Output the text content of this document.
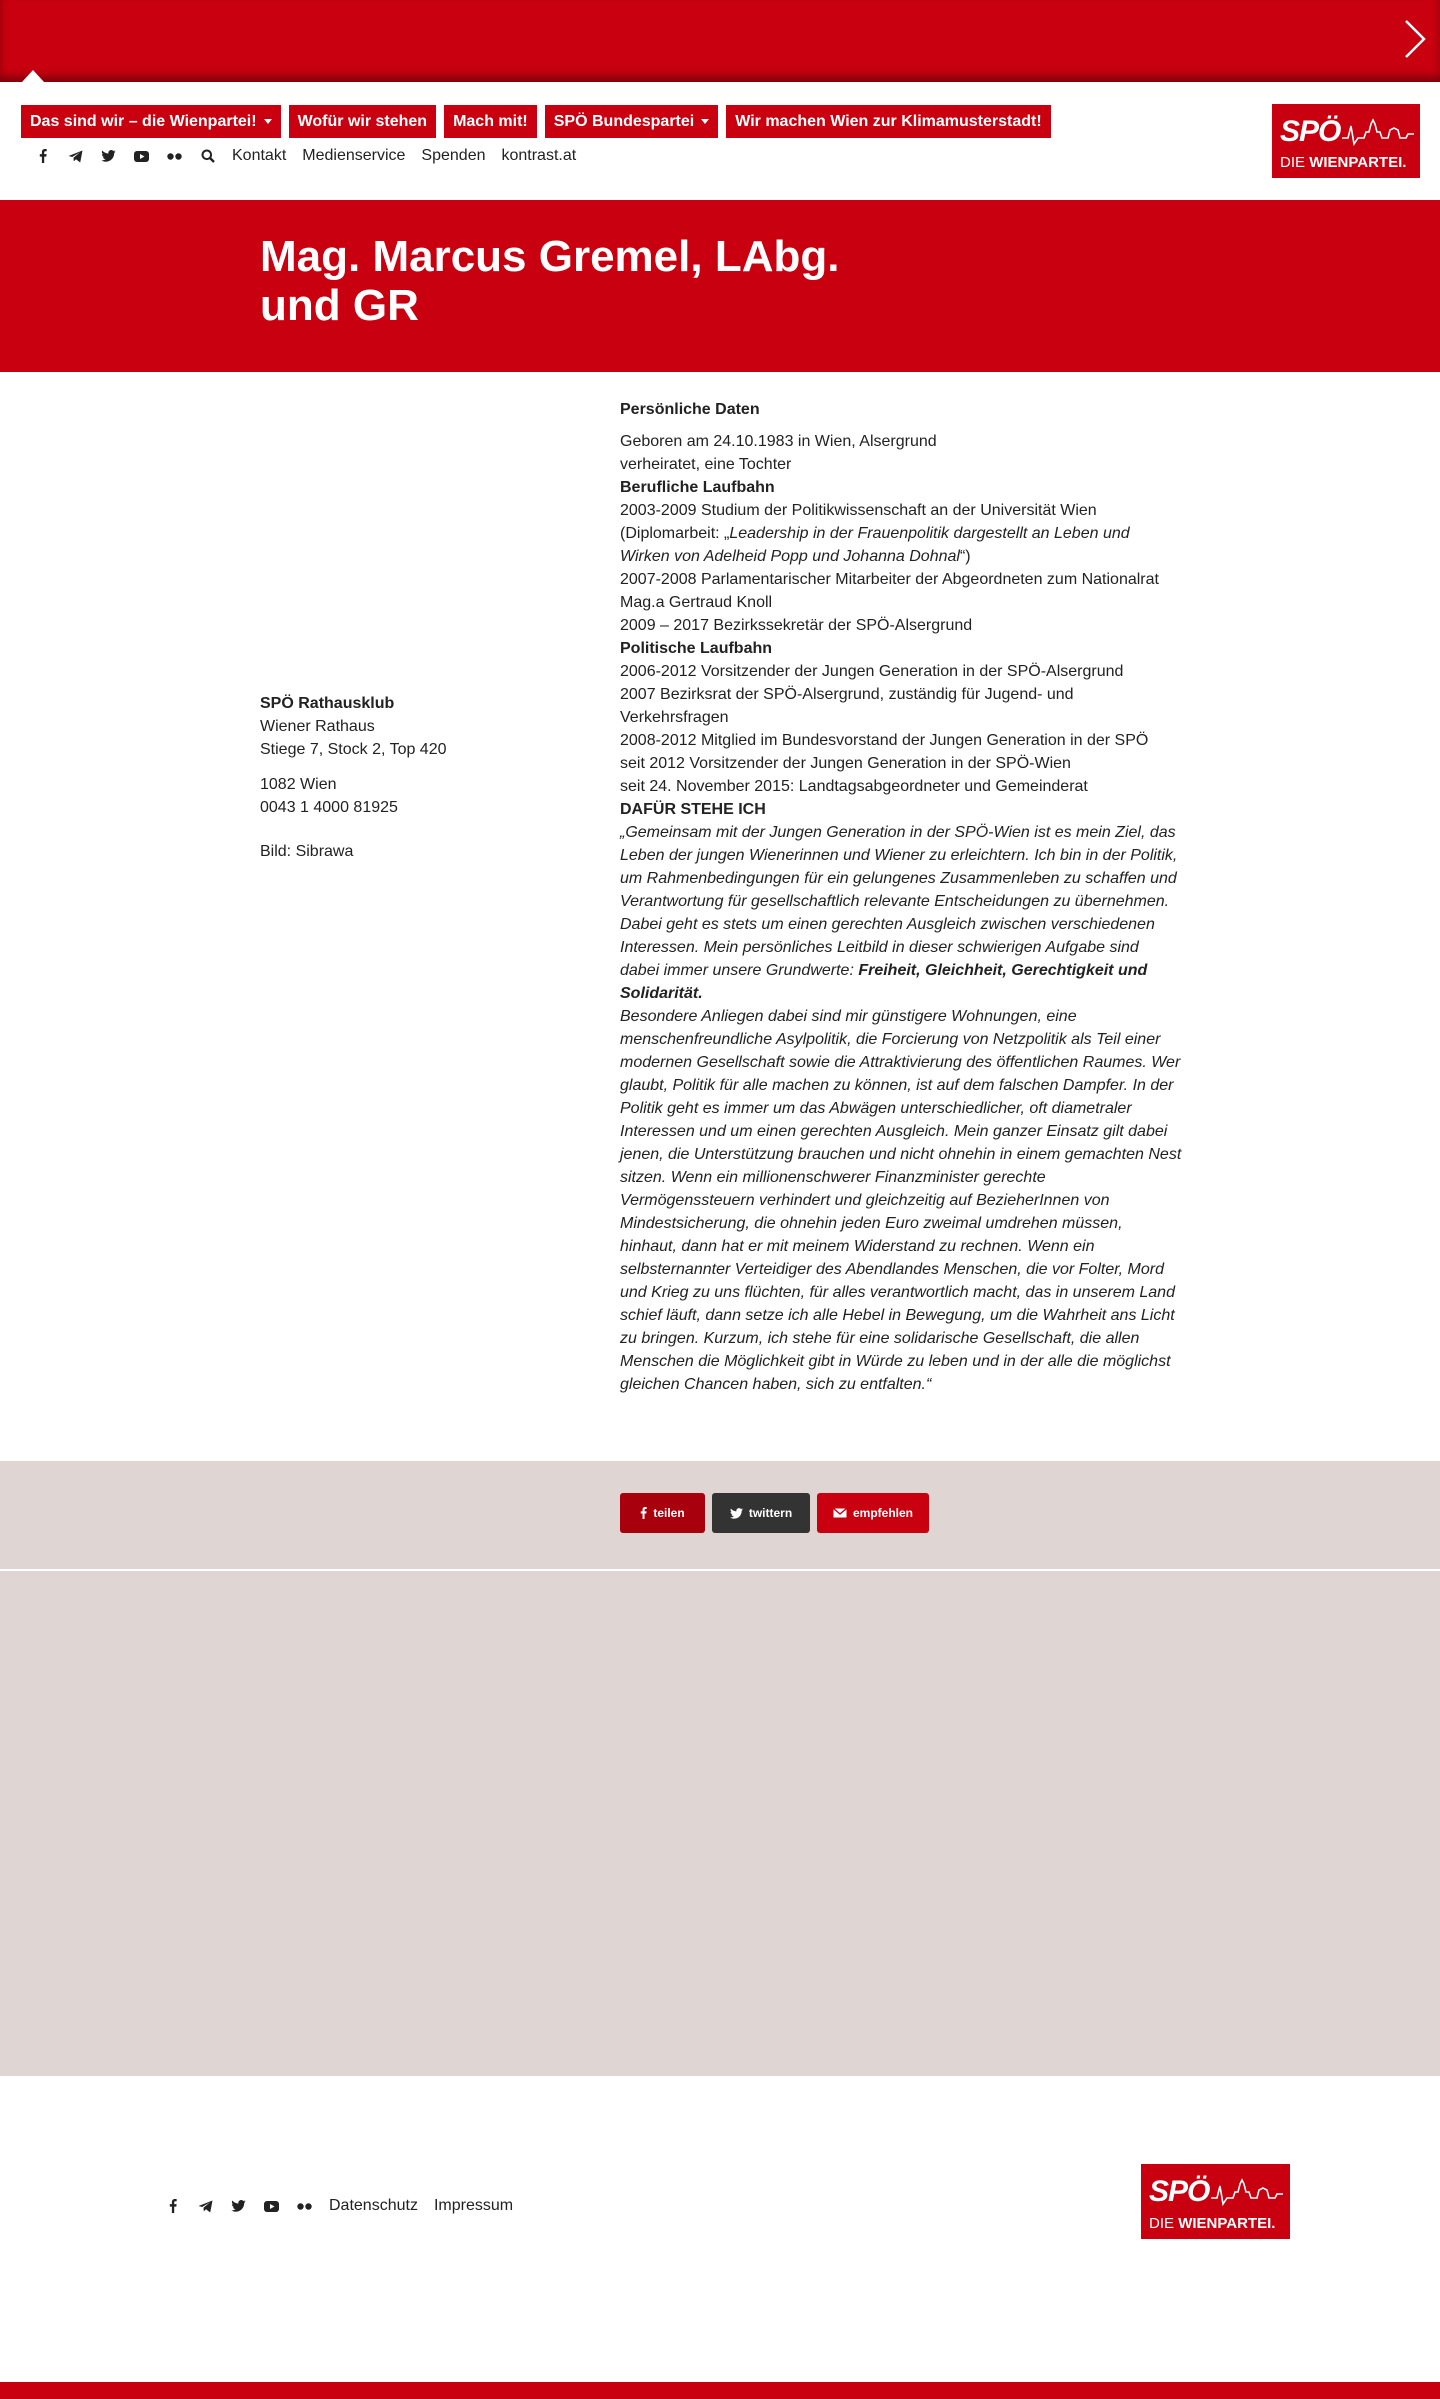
Das sind wir – die Wienpartei!	Wofür wir stehen Mach mit! SPÖ Bundespartei	Wir machen Wien zur Klimamusterstadt!
Kontakt Medienservice Spenden kontrast.at
SPÖ
DIE WIENPARTEI.
Mag. Marcus Gremel, LAbg. und GR
SPÖ Rathausklub
Wiener Rathaus
Stiege 7, Stock 2, Top 420
1082 Wien
0043 1 4000 81925
Bild: Sibrawa
Persönliche Daten
Geboren am 24.10.1983 in Wien, Alsergrund
verheiratet, eine Tochter
Berufliche Laufbahn
2003-2009 Studium der Politikwissenschaft an der Universität Wien
(Diplomarbeit: „Leadership in der Frauenpolitik dargestellt an Leben und Wirken von Adelheid Popp und Johanna Dohnal“)
2007-2008 Parlamentarischer Mitarbeiter der Abgeordneten zum Nationalrat Mag.a Gertraud Knoll
2009 – 2017 Bezirkssekretär der SPÖ-Alsergrund
Politische Laufbahn
2006-2012 Vorsitzender der Jungen Generation in der SPÖ-Alsergrund
2007 Bezirksrat der SPÖ-Alsergrund, zuständig für Jugend- und Verkehrsfragen
2008-2012 Mitglied im Bundesvorstand der Jungen Generation in der SPÖ
seit 2012 Vorsitzender der Jungen Generation in der SPÖ-Wien
seit 24. November 2015: Landtagsabgeordneter und Gemeinderat
DAFÜR STEHE ICH
„Gemeinsam mit der Jungen Generation in der SPÖ-Wien ist es mein Ziel, das Leben der jungen Wienerinnen und Wiener zu erleichtern. Ich bin in der Politik, um Rahmenbedingungen für ein gelungenes Zusammenleben zu schaffen und Verantwortung für gesellschaftlich relevante Entscheidungen zu übernehmen. Dabei geht es stets um einen gerechten Ausgleich zwischen verschiedenen Interessen. Mein persönliches Leitbild in dieser schwierigen Aufgabe sind dabei immer unsere Grundwerte: Freiheit, Gleichheit, Gerechtigkeit und Solidarität.
Besondere Anliegen dabei sind mir günstigere Wohnungen, eine menschenfreundliche Asylpolitik, die Forcierung von Netzpolitik als Teil einer modernen Gesellschaft sowie die Attraktivierung des öffentlichen Raumes. Wer glaubt, Politik für alle machen zu können, ist auf dem falschen Dampfer. In der Politik geht es immer um das Abwägen unterschiedlicher, oft diametraler Interessen und um einen gerechten Ausgleich. Mein ganzer Einsatz gilt dabei jenen, die Unterstützung brauchen und nicht ohnehin in einem gemachten Nest sitzen. Wenn ein millionenschwerer Finanzminister gerechte Vermögenssteuern verhindert und gleichzeitig auf BezieherInnen von Mindestsicherung, die ohnehin jeden Euro zweimal umdrehen müssen, hinhaut, dann hat er mit meinem Widerstand zu rechnen. Wenn ein selbsternannter Verteidiger des Abendlandes Menschen, die vor Folter, Mord und Krieg zu uns flüchten, für alles verantwortlich macht, das in unserem Land schief läuft, dann setze ich alle Hebel in Bewegung, um die Wahrheit ans Licht zu bringen. Kurzum, ich stehe für eine solidarische Gesellschaft, die allen Menschen die Möglichkeit gibt in Würde zu leben und in der alle die möglichst gleichen Chancen haben, sich zu entfalten.“
teilen	twittern	empfehlen
Datenschutz Impressum	SPÖ
DIE WIENPARTEI.
